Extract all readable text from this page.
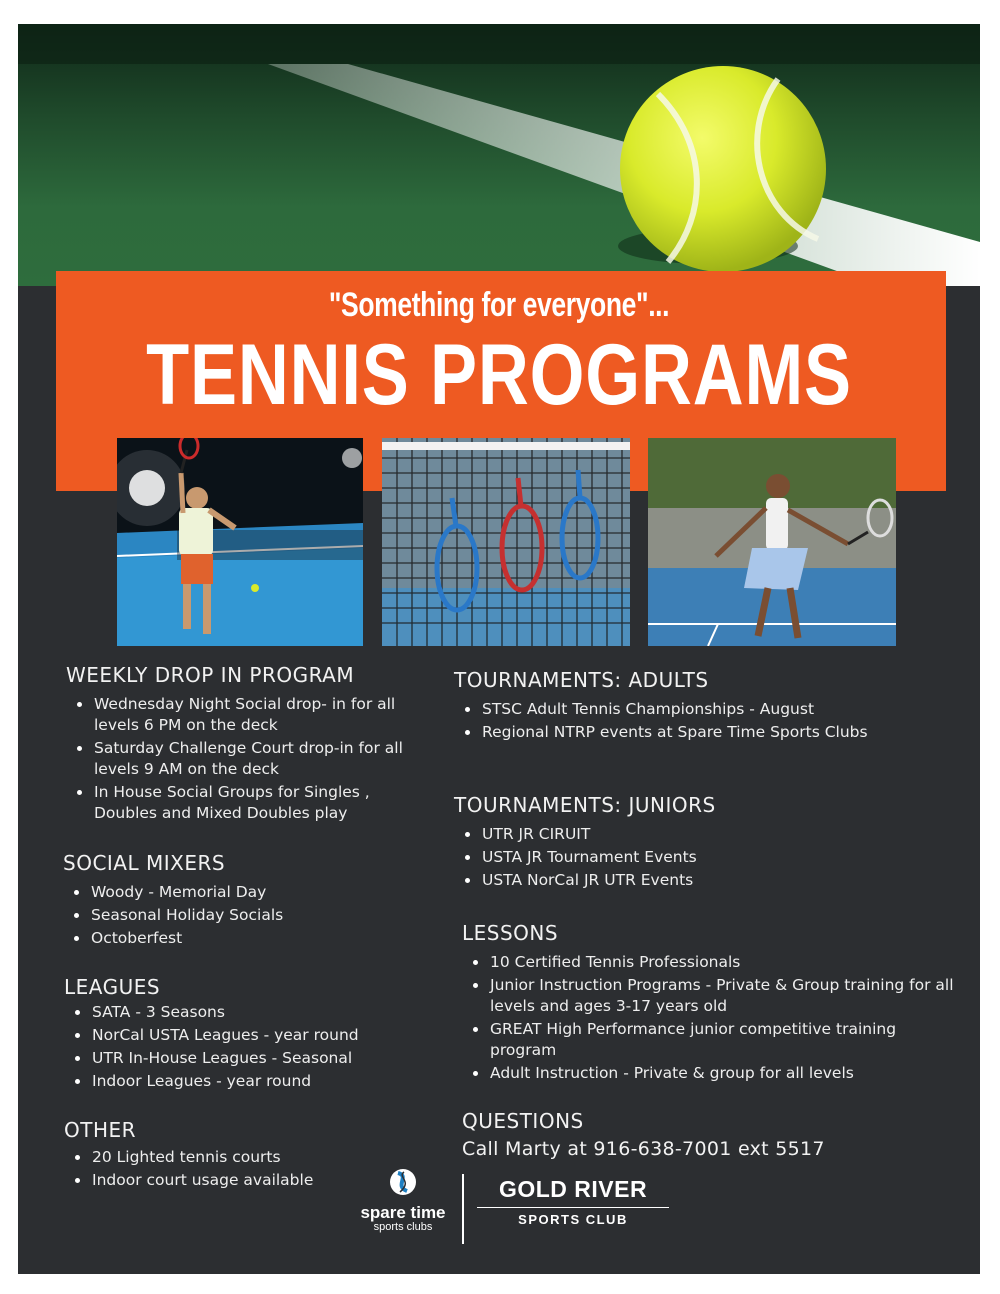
"Something for everyone"...
TENNIS PROGRAMS
WEEKLY DROP IN PROGRAM
Wednesday Night Social drop- in for all levels 6 PM on the deck
Saturday Challenge Court drop-in for all levels 9 AM on the deck
In House Social Groups for Singles , Doubles and Mixed Doubles play
SOCIAL MIXERS
Woody - Memorial Day
Seasonal Holiday Socials
Octoberfest
LEAGUES
SATA - 3 Seasons
NorCal USTA Leagues - year round
UTR In-House Leagues - Seasonal
Indoor Leagues - year round
OTHER
20 Lighted tennis courts
Indoor court usage available
TOURNAMENTS: ADULTS
STSC Adult Tennis Championships - August
Regional NTRP events at Spare Time Sports Clubs
TOURNAMENTS: JUNIORS
UTR JR CIRUIT
USTA JR Tournament Events
USTA NorCal JR UTR Events
LESSONS
10 Certified Tennis Professionals
Junior Instruction Programs - Private & Group training for all levels and ages 3-17 years old
GREAT High Performance junior competitive training program
Adult Instruction - Private & group for all levels
QUESTIONS
Call Marty at 916-638-7001 ext 5517
spare time
sports clubs
GOLD RIVER
SPORTS CLUB
